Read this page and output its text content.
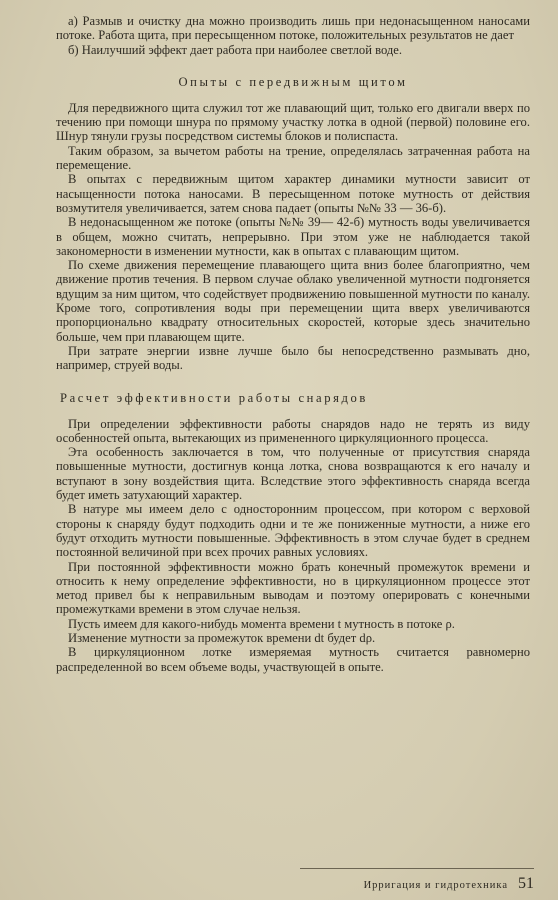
а) Размыв и очистку дна можно производить лишь при недонасыщенном наносами потоке. Работа щита, при пересыщенном потоке, положительных результатов не дает

б) Наилучший эффект дает работа при наиболее светлой воде.

Опыты с передвижным щитом

Для передвижного щита служил тот же плавающий щит, только его двигали вверх по течению при помощи шнура по прямому участку лотка в одной (первой) половине его. Шнур тянули грузы посредством системы блоков и полиспаста.

Таким образом, за вычетом работы на трение, определялась затраченная работа на перемещение.

В опытах с передвижным щитом характер динамики мутности зависит от насыщенности потока наносами. В пересыщенном потоке мутность от действия возмутителя увеличивается, затем снова падает (опыты №№ 33 — 36-б).

В недонасыщенном же потоке (опыты №№ 39— 42-б) мутность воды увеличивается в общем, можно считать, непрерывно. При этом уже не наблюдается такой закономерности в изменении мутности, как в опытах с плавающим щитом.

По схеме движения перемещение плавающего щита вниз более благоприятно, чем движение против течения. В первом случае облако увеличенной мутности подгоняется вдущим за ним щитом, что содействует продвижению повышенной мутности по каналу. Кроме того, сопротивления воды при перемещении щита вверх увеличиваются пропорционально квадрату относительных скоростей, которые здесь значительно больше, чем при плавающем щите.

При затрате энергии извне лучше было бы непосредственно размывать дно, например, струей воды.

Расчет эффективности работы снарядов

При определении эффективности работы снарядов надо не терять из виду особенностей опыта, вытекающих из примененного циркуляционного процесса.

Эта особенность заключается в том, что полученные от присутствия снаряда повышенные мутности, достигнув конца лотка, снова возвращаются к его началу и вступают в зону воздействия щита. Вследствие этого эффективность снаряда всегда будет иметь затухающий характер.

В натуре мы имеем дело с односторонним процессом, при котором с верховой стороны к снаряду будут подходить одни и те же пониженные мутности, а ниже его будут отходить мутности повышенные. Эффективность в этом случае будет в среднем постоянной величиной при всех прочих равных условиях.

При постоянной эффективности можно брать конечный промежуток времени и относить к нему определение эффективности, но в циркуляционном процессе этот метод привел бы к неправильным выводам и поэтому оперировать с конечными промежутками времени в этом случае нельзя.

Пусть имеем для какого-нибудь момента времени t мутность в потоке ρ.

Изменение мутности за промежуток времени dt будет dρ.

В циркуляционном лотке измеряемая мутность считается равномерно распределенной во всем объеме воды, участвующей в опыте.

Ирригация и гидротехника 51
